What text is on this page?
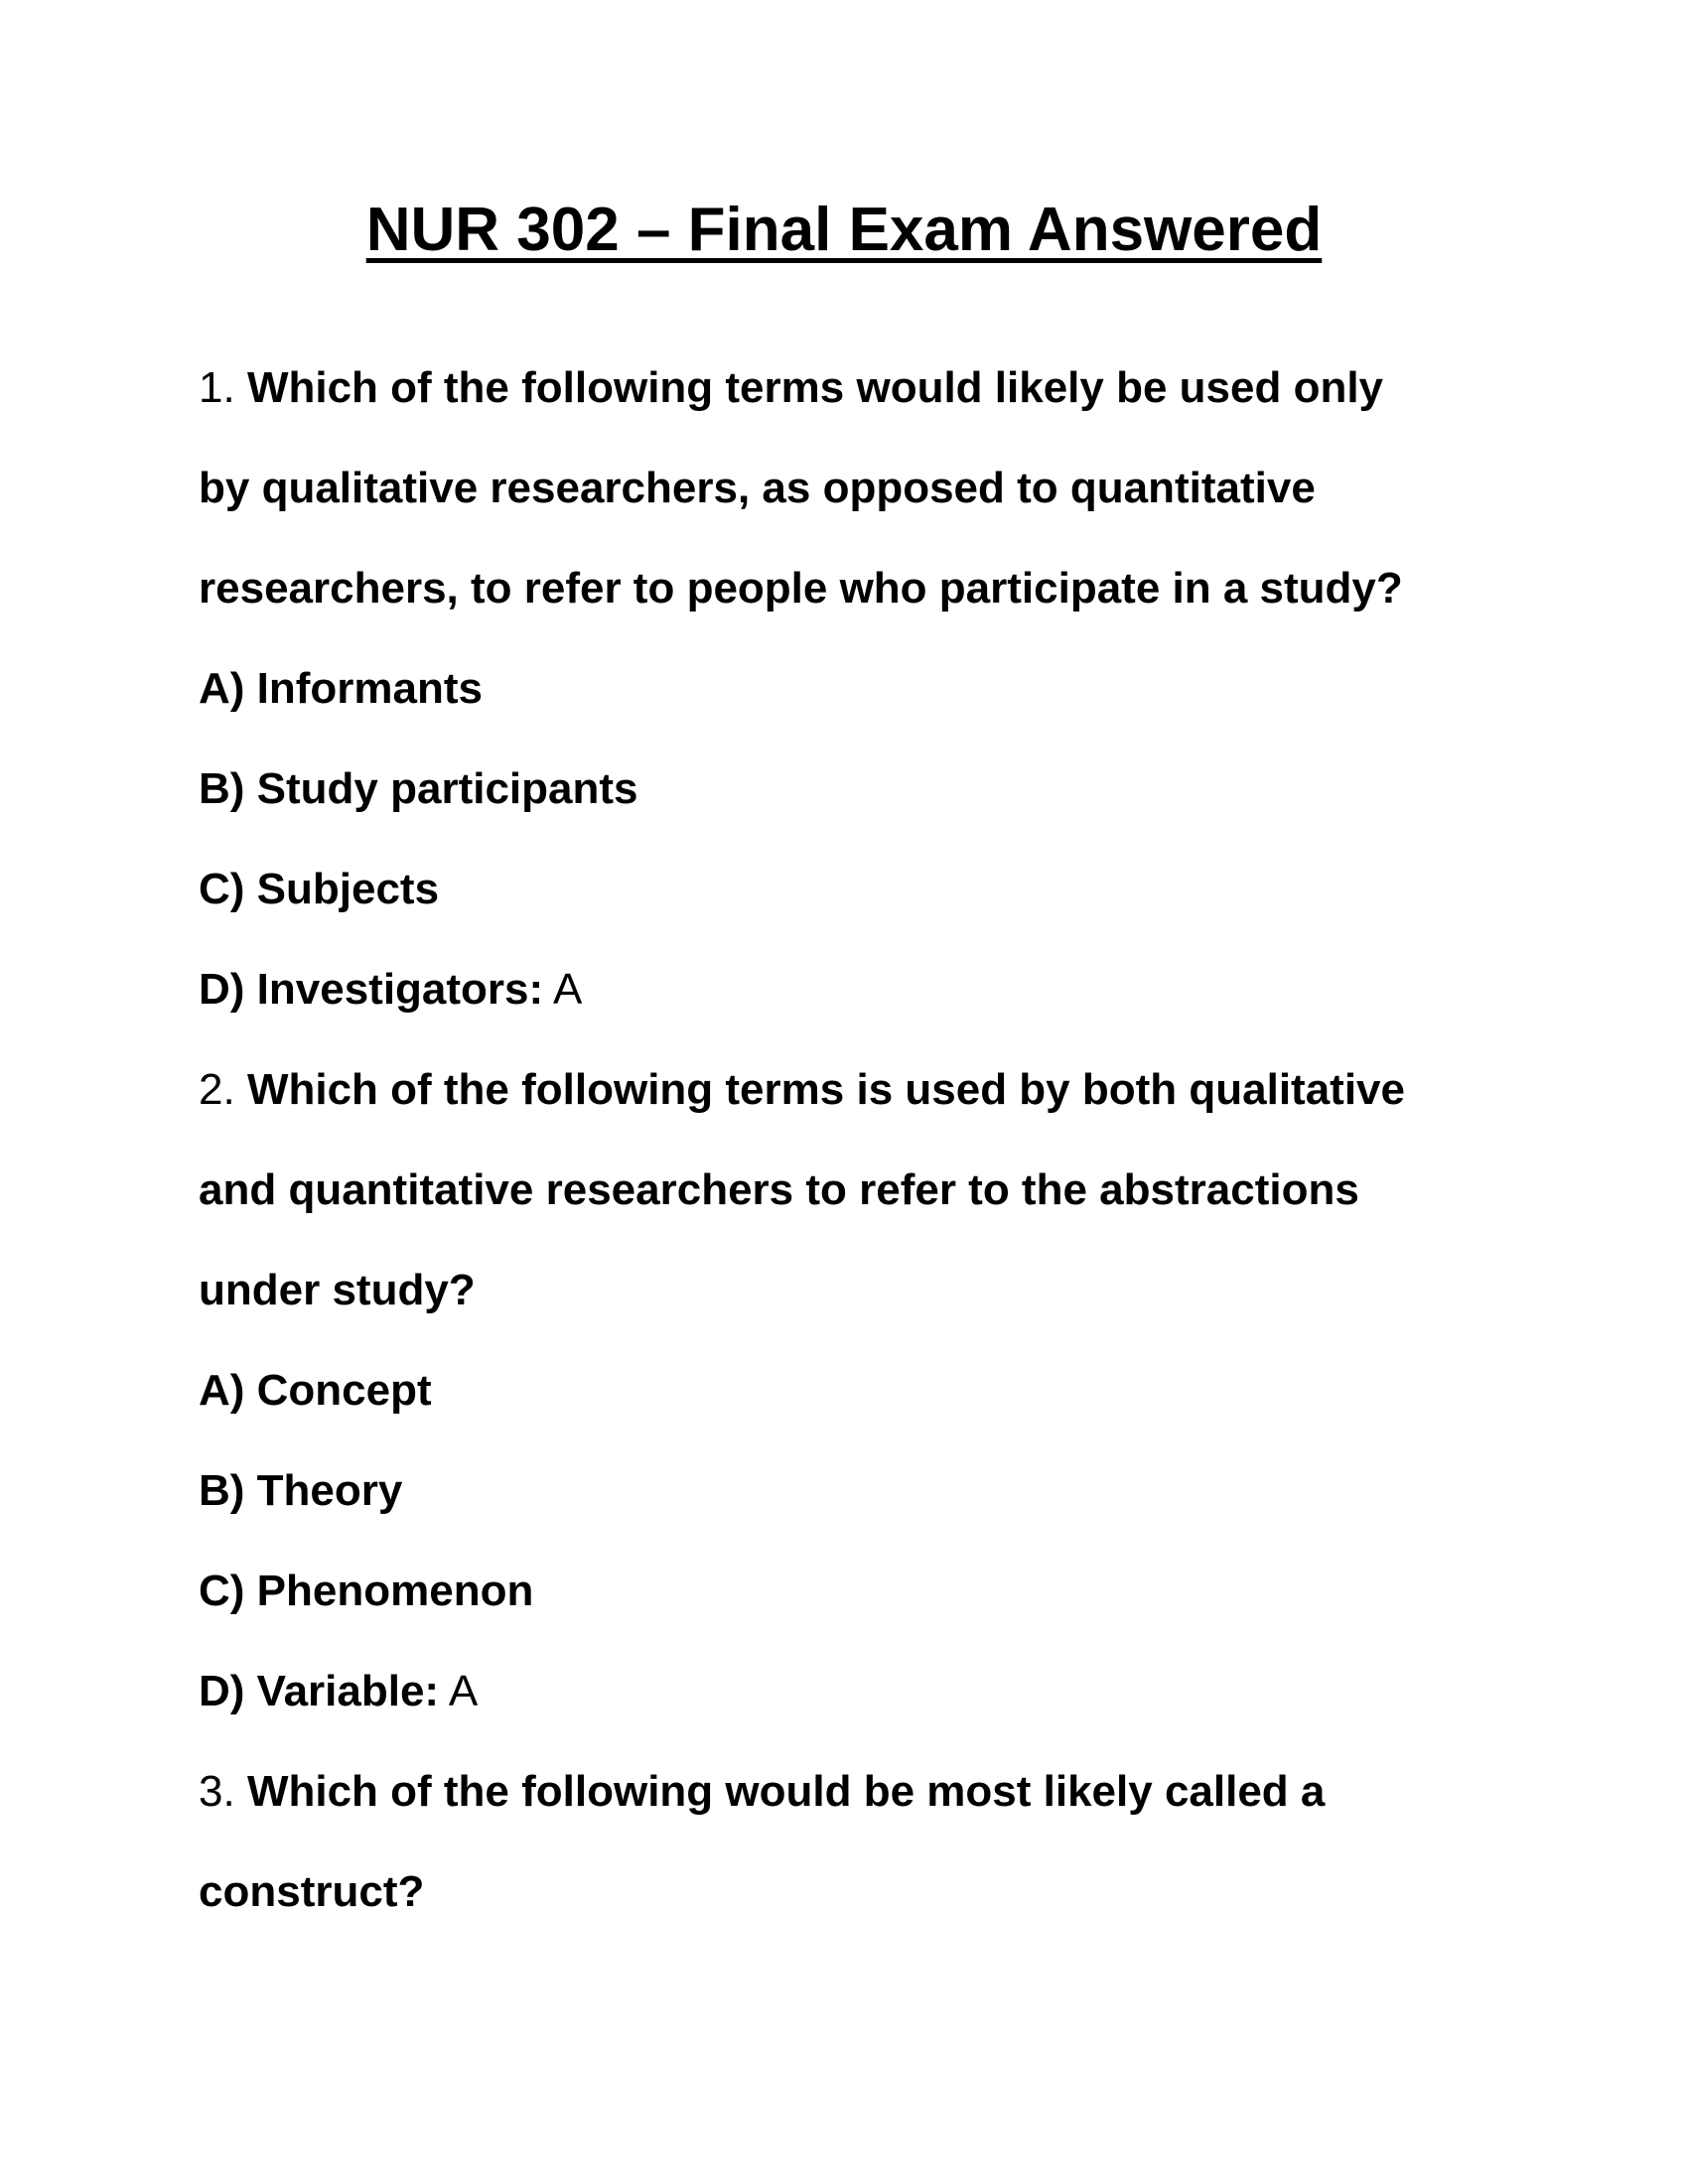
NUR 302 – Final Exam Answered
1. Which of the following terms would likely be used only
by qualitative researchers, as opposed to quantitative
researchers, to refer to people who participate in a study?
A) Informants
B) Study participants
C) Subjects
D) Investigators: A
2. Which of the following terms is used by both qualitative
and quantitative researchers to refer to the abstractions
under study?
A) Concept
B) Theory
C) Phenomenon
D) Variable: A
3. Which of the following would be most likely called a
construct?
